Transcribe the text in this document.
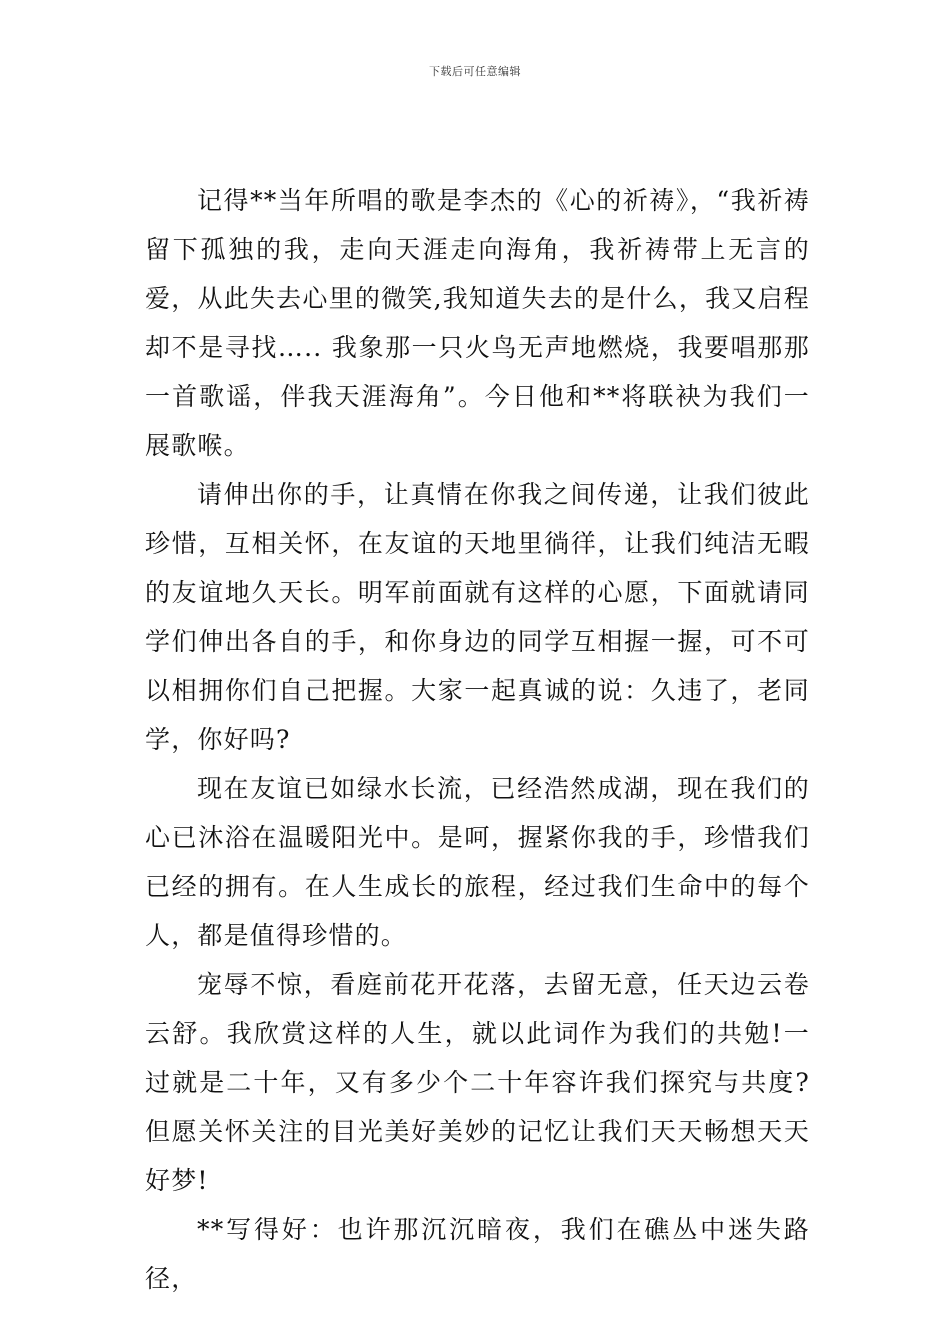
下载后可任意编辑

记得**当年所唱的歌是李杰的《心的祈祷》，“我祈祷留下孤独的我，走向天涯走向海角，我祈祷带上无言的爱，从此失去心里的微笑,我知道失去的是什么，我又启程却不是寻找….. 我象那一只火鸟无声地燃烧，我要唱那那一首歌谣，伴我天涯海角”。今日他和**将联袂为我们一展歌喉。

请伸出你的手，让真情在你我之间传递，让我们彼此珍惜，互相关怀，在友谊的天地里徜徉，让我们纯洁无暇的友谊地久天长。明军前面就有这样的心愿，下面就请同学们伸出各自的手，和你身边的同学互相握一握，可不可以相拥你们自己把握。大家一起真诚的说：久违了，老同学，你好吗?

现在友谊已如绿水长流，已经浩然成湖，现在我们的心已沐浴在温暖阳光中。是呵，握紧你我的手，珍惜我们已经的拥有。在人生成长的旅程，经过我们生命中的每个人，都是值得珍惜的。

宠辱不惊，看庭前花开花落，去留无意，任天边云卷云舒。我欣赏这样的人生，就以此词作为我们的共勉!一过就是二十年，又有多少个二十年容许我们探究与共度?但愿关怀关注的目光美好美妙的记忆让我们天天畅想天天好梦!

**写得好：也许那沉沉暗夜，我们在礁丛中迷失路径，
